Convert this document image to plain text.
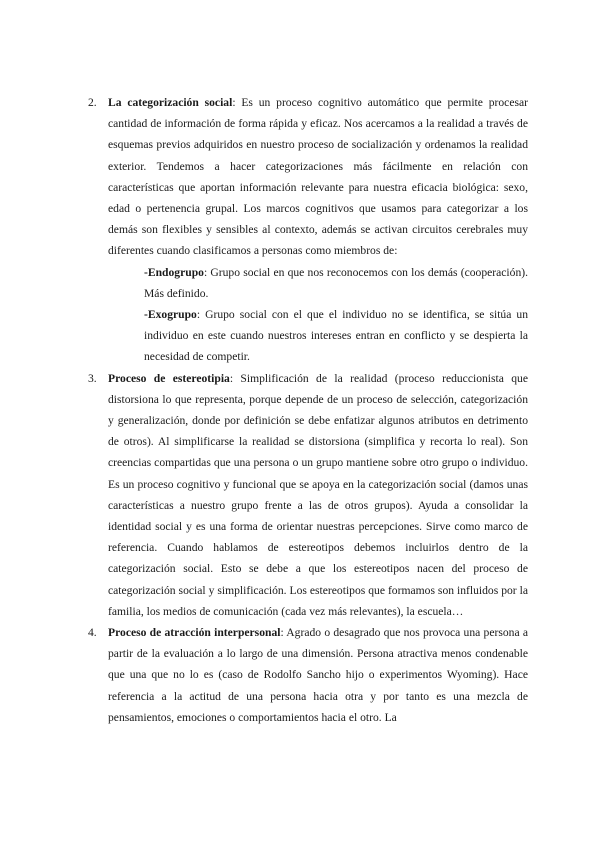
2. La categorización social: Es un proceso cognitivo automático que permite procesar cantidad de información de forma rápida y eficaz. Nos acercamos a la realidad a través de esquemas previos adquiridos en nuestro proceso de socialización y ordenamos la realidad exterior. Tendemos a hacer categorizaciones más fácilmente en relación con características que aportan información relevante para nuestra eficacia biológica: sexo, edad o pertenencia grupal. Los marcos cognitivos que usamos para categorizar a los demás son flexibles y sensibles al contexto, además se activan circuitos cerebrales muy diferentes cuando clasificamos a personas como miembros de:
-Endogrupo: Grupo social en que nos reconocemos con los demás (cooperación). Más definido.
-Exogrupo: Grupo social con el que el individuo no se identifica, se sitúa un individuo en este cuando nuestros intereses entran en conflicto y se despierta la necesidad de competir.
3. Proceso de estereotipia: Simplificación de la realidad (proceso reduccionista que distorsiona lo que representa, porque depende de un proceso de selección, categorización y generalización, donde por definición se debe enfatizar algunos atributos en detrimento de otros). Al simplificarse la realidad se distorsiona (simplifica y recorta lo real). Son creencias compartidas que una persona o un grupo mantiene sobre otro grupo o individuo. Es un proceso cognitivo y funcional que se apoya en la categorización social (damos unas características a nuestro grupo frente a las de otros grupos). Ayuda a consolidar la identidad social y es una forma de orientar nuestras percepciones. Sirve como marco de referencia. Cuando hablamos de estereotipos debemos incluirlos dentro de la categorización social. Esto se debe a que los estereotipos nacen del proceso de categorización social y simplificación. Los estereotipos que formamos son influidos por la familia, los medios de comunicación (cada vez más relevantes), la escuela…
4. Proceso de atracción interpersonal: Agrado o desagrado que nos provoca una persona a partir de la evaluación a lo largo de una dimensión. Persona atractiva menos condenable que una que no lo es (caso de Rodolfo Sancho hijo o experimentos Wyoming). Hace referencia a la actitud de una persona hacia otra y por tanto es una mezcla de pensamientos, emociones o comportamientos hacia el otro. La
